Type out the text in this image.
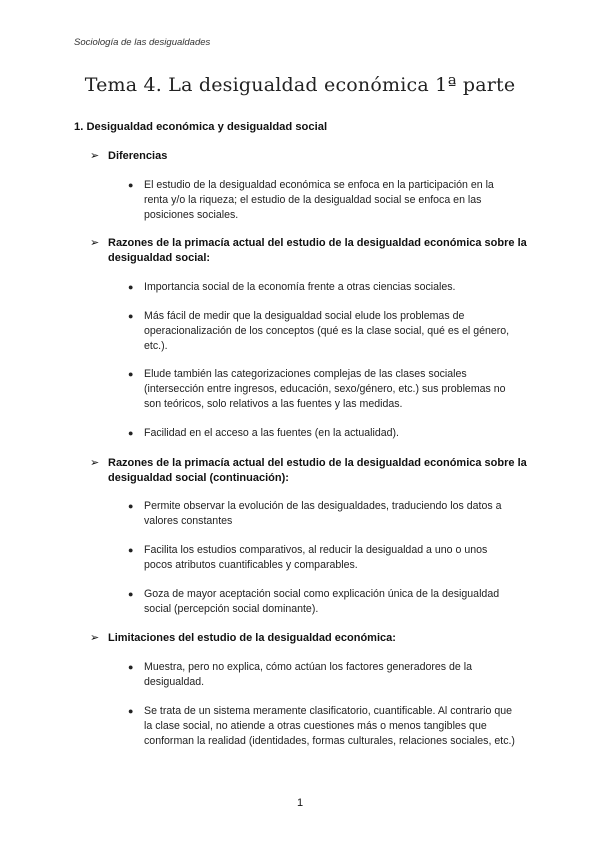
Sociología de las desigualdades
Tema 4. La desigualdad económica 1ª parte
1. Desigualdad económica y desigualdad social
➢ Diferencias
● El estudio de la desigualdad económica se enfoca en la participación en la renta y/o la riqueza; el estudio de la desigualdad social se enfoca en las posiciones sociales.
➢ Razones de la primacía actual del estudio de la desigualdad económica sobre la desigualdad social:
● Importancia social de la economía frente a otras ciencias sociales.
● Más fácil de medir que la desigualdad social elude los problemas de operacionalización de los conceptos (qué es la clase social, qué es el género, etc.).
● Elude también las categorizaciones complejas de las clases sociales (intersección entre ingresos, educación, sexo/género, etc.) sus problemas no son teóricos, solo relativos a las fuentes y las medidas.
● Facilidad en el acceso a las fuentes (en la actualidad).
➢ Razones de la primacía actual del estudio de la desigualdad económica sobre la desigualdad social (continuación):
● Permite observar la evolución de las desigualdades, traduciendo los datos a valores constantes
● Facilita los estudios comparativos, al reducir la desigualdad a uno o unos pocos atributos cuantificables y comparables.
● Goza de mayor aceptación social como explicación única de la desigualdad social (percepción social dominante).
➢ Limitaciones del estudio de la desigualdad económica:
● Muestra, pero no explica, cómo actúan los factores generadores de la desigualdad.
● Se trata de un sistema meramente clasificatorio, cuantificable. Al contrario que la clase social, no atiende a otras cuestiones más o menos tangibles que conforman la realidad (identidades, formas culturales, relaciones sociales, etc.)
1
